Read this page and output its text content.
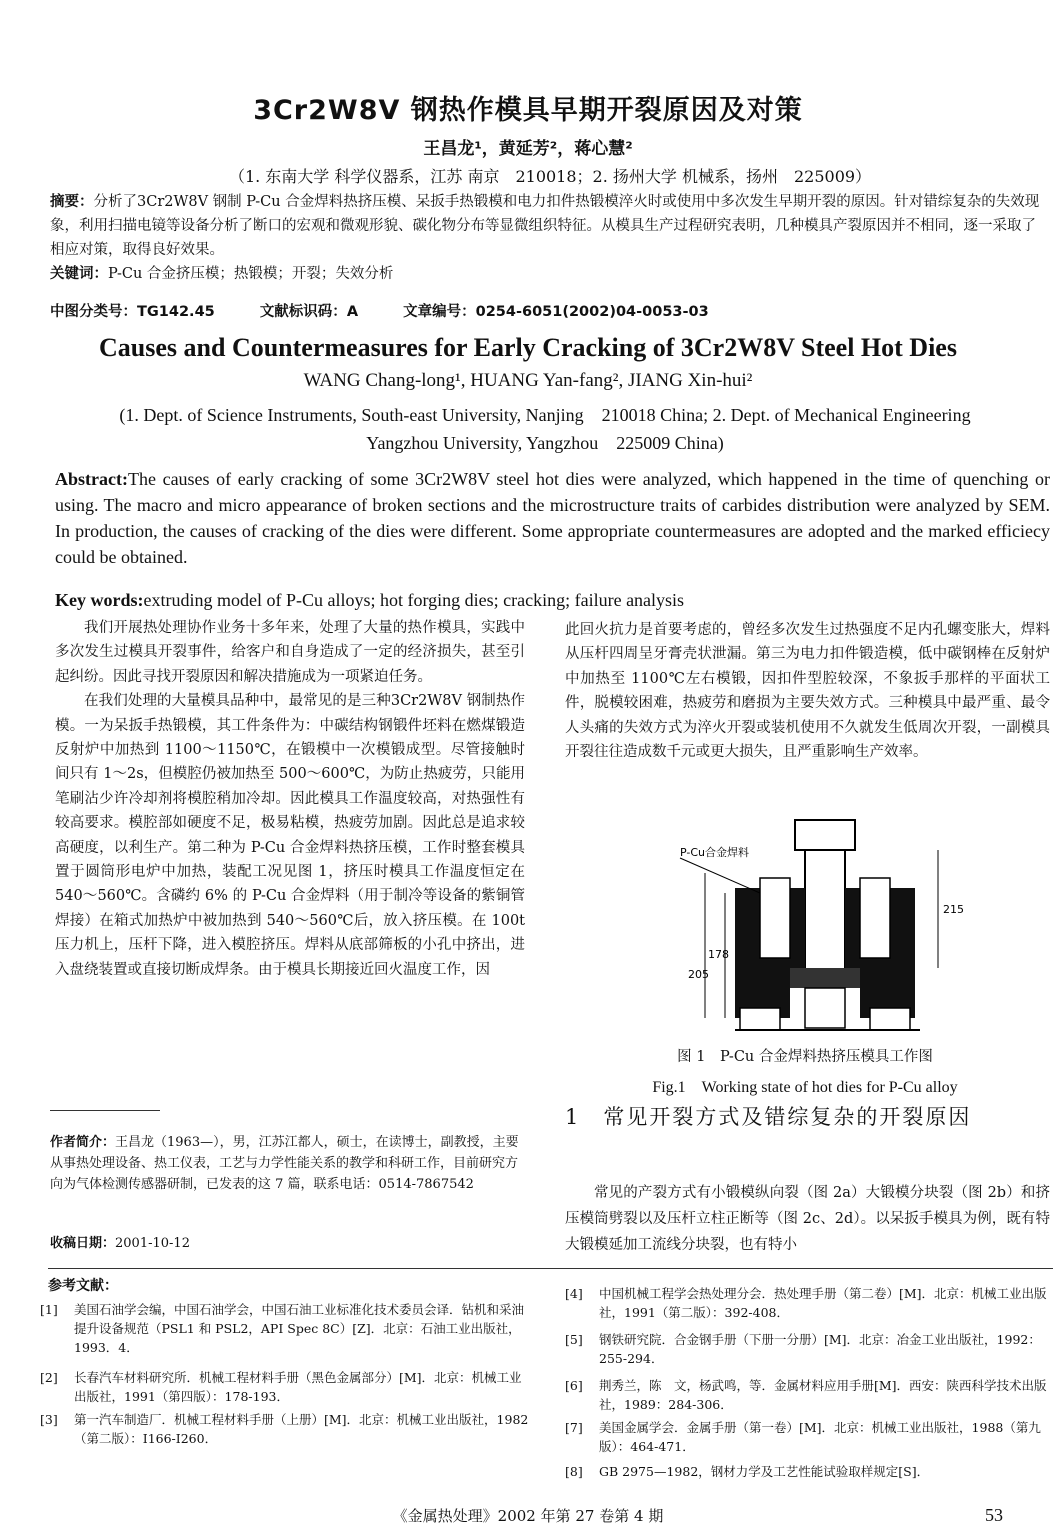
3Cr2W8V 钢热作模具早期开裂原因及对策
王昌龙¹，黄延芳²，蒋心慧²
（1. 东南大学 科学仪器系，江苏 南京　210018；2. 扬州大学 机械系，扬州　225009）
摘要：分析了3Cr2W8V 钢制 P-Cu 合金焊料热挤压模、呆扳手热锻模和电力扣件热锻模淬火时或使用中多次发生早期开裂的原因。针对错综复杂的失效现象，利用扫描电镜等设备分析了断口的宏观和微观形貌、碳化物分布等显微组织特征。从模具生产过程研究表明，几种模具产裂原因并不相同，逐一采取了相应对策，取得良好效果。
关键词：P-Cu 合金挤压模；热锻模；开裂；失效分析
中图分类号：TG142.45	文献标识码：A	文章编号：0254-6051(2002)04-0053-03
Causes and Countermeasures for Early Cracking of 3Cr2W8V Steel Hot Dies
WANG Chang-long¹, HUANG Yan-fang², JIANG Xin-hui²
(1. Dept. of Science Instruments, South-east University, Nanjing　210018 China; 2. Dept. of Mechanical Engineering
Yangzhou University, Yangzhou　225009 China)
Abstract:The causes of early cracking of some 3Cr2W8V steel hot dies were analyzed, which happened in the time of quenching or using. The macro and micro appearance of broken sections and the microstructure traits of carbides distribution were analyzed by SEM. In production, the causes of cracking of the dies were different. Some appropriate countermeasures are adopted and the marked efficiecy could be obtained.
Key words:extruding model of P-Cu alloys; hot forging dies; cracking; failure analysis

我们开展热处理协作业务十多年来，处理了大量的热作模具，实践中多次发生过模具开裂事件，给客户和自身造成了一定的经济损失，甚至引起纠纷。因此寻找开裂原因和解决措施成为一项紧迫任务。

在我们处理的大量模具品种中，最常见的是三种3Cr2W8V 钢制热作模。一为呆扳手热锻模，其工件条件为：中碳结构钢锻件坯料在燃煤锻造反射炉中加热到 1100～1150℃，在锻模中一次模锻成型。尽管接触时间只有 1～2s，但模腔仍被加热至 500～600℃，为防止热疲劳，只能用笔刷沾少许冷却剂将模腔稍加冷却。因此模具工作温度较高，对热强性有较高要求。模腔部如硬度不足，极易粘模，热疲劳加剧。因此总是追求较高硬度，以利生产。第二种为 P-Cu 合金焊料热挤压模，工作时整套模具置于圆筒形电炉中加热，装配工况见图 1，挤压时模具工作温度恒定在 540～560℃。含磷约 6% 的 P-Cu 合金焊料（用于制冷等设备的紫铜管焊接）在箱式加热炉中被加热到 540～560℃后，放入挤压模。在 100t 压力机上，压杆下降，进入模腔挤压。焊料从底部筛板的小孔中挤出，进入盘绕装置或直接切断成焊条。由于模具长期接近回火温度工作，因

此回火抗力是首要考虑的，曾经多次发生过热强度不足内孔螺变胀大，焊料从压杆四周呈牙膏壳状泄漏。第三为电力扣件锻造模，低中碳钢棒在反射炉中加热至 1100℃左右模锻，因扣件型腔较深，不象扳手那样的平面状工件，脱模较困难，热疲劳和磨损为主要失效方式。三种模具中最严重、最令人头痛的失效方式为淬火开裂或装机使用不久就发生低周次开裂，一副模具开裂往往造成数千元或更大损失，且严重影响生产效率。

作者简介：王昌龙（1963—），男，江苏江都人，硕士，在读博士，副教授，主要从事热处理设备、热工仪表，工艺与力学性能关系的教学和科研工作，目前研究方向为气体检测传感器研制，已发表的这 7 篇，联系电话：0514-7867542
收稿日期：2001-10-12
P-Cu合金焊料
215
178
205
图 1　P-Cu 合金焊料热挤压模具工作图
Fig.1　Working state of hot dies for P-Cu alloy
1　常见开裂方式及错综复杂的开裂原因

常见的产裂方式有小锻模纵向裂（图 2a）大锻模分块裂（图 2b）和挤压模筒劈裂以及压杆立柱正断等（图 2c、2d）。以呆扳手模具为例，既有特大锻模延加工流线分块裂，也有特小

参考文献：
[1] 美国石油学会编，中国石油学会，中国石油工业标准化技术委员会译．钻机和采油提升设备规范（PSL1 和 PSL2，API Spec 8C）[Z]．北京：石油工业出版社，1993．4．
[2] 长春汽车材料研究所．机械工程材料手册（黑色金属部分）[M]．北京：机械工业出版社，1991（第四版）：178-193．
[3] 第一汽车制造厂．机械工程材料手册（上册）[M]．北京：机械工业出版社，1982（第二版）：Ⅰ166-Ⅰ260．
[4] 中国机械工程学会热处理分会．热处理手册（第二卷）[M]．北京：机械工业出版社，1991（第二版）：392-408．
[5] 钢铁研究院．合金钢手册（下册一分册）[M]．北京：冶金工业出版社，1992：255-294．
[6] 荆秀兰，陈　文，杨武鸣，等．金属材料应用手册[M]．西安：陕西科学技术出版社，1989：284-306．
[7] 美国金属学会．金属手册（第一卷）[M]．北京：机械工业出版社，1988（第九版）：464-471．
[8] GB 2975—1982，钢材力学及工艺性能试验取样规定[S]．
《金属热处理》2002 年第 27 卷第 4 期	53
